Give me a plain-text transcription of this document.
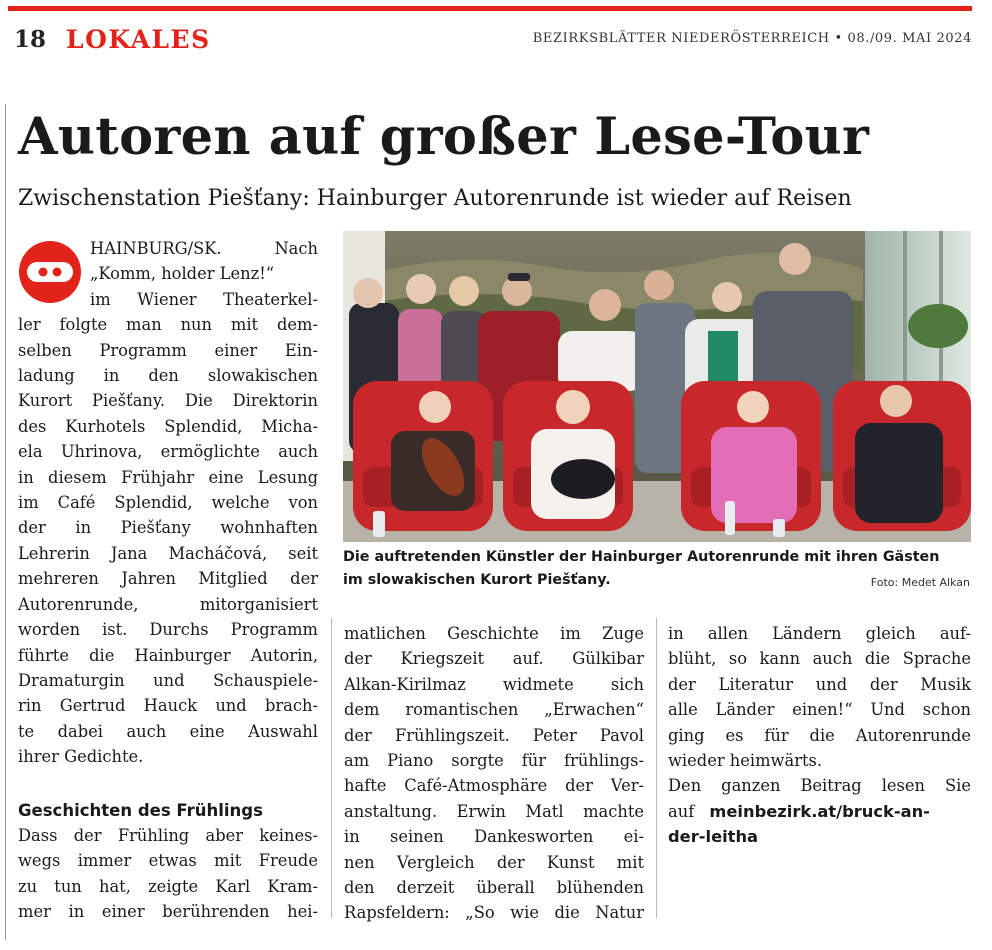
18 LOKALES	BEZIRKSBLÄTTER NIEDERÖSTERREICH • 08./09. MAI 2024
Autoren auf großer Lese-Tour
Zwischenstation Piešťany: Hainburger Autorenrunde ist wieder auf Reisen
HAINBURG/SK. Nach
„Komm, holder Lenz!“
im Wiener Theaterkel-
ler folgte man nun mit dem-
selben Programm einer Ein-
ladung in den slowakischen
Kurort Piešťany. Die Direktorin
des Kurhotels Splendid, Micha-
ela Uhrinova, ermöglichte auch
in diesem Frühjahr eine Lesung
im Café Splendid, welche von
der in Piešťany wohnhaften
Lehrerin Jana Macháčová, seit
mehreren Jahren Mitglied der
Autorenrunde, mitorganisiert
worden ist. Durchs Programm
führte die Hainburger Autorin,
Dramaturgin und Schauspiele-
rin Gertrud Hauck und brach-
te dabei auch eine Auswahl
ihrer Gedichte.
Geschichten des Frühlings
Dass der Frühling aber keines-
wegs immer etwas mit Freude
zu tun hat, zeigte Karl Kram-
mer in einer berührenden hei-
Die auftretenden Künstler der Hainburger Autorenrunde mit ihren Gästen
im slowakischen Kurort Piešťany.	Foto: Medet Alkan
matlichen Geschichte im Zuge
der Kriegszeit auf. Gülkibar
Alkan-Kirilmaz widmete sich
dem romantischen „Erwachen“
der Frühlingszeit. Peter Pavol
am Piano sorgte für frühlings-
hafte Café-Atmosphäre der Ver-
anstaltung. Erwin Matl machte
in seinen Dankesworten ei-
nen Vergleich der Kunst mit
den derzeit überall blühenden
Rapsfeldern: „So wie die Natur
in allen Ländern gleich auf-
blüht, so kann auch die Sprache
der Literatur und der Musik
alle Länder einen!“ Und schon
ging es für die Autorenrunde
wieder heimwärts.
Den ganzen Beitrag lesen Sie
auf meinbezirk.at/bruck-an-
der-leitha
